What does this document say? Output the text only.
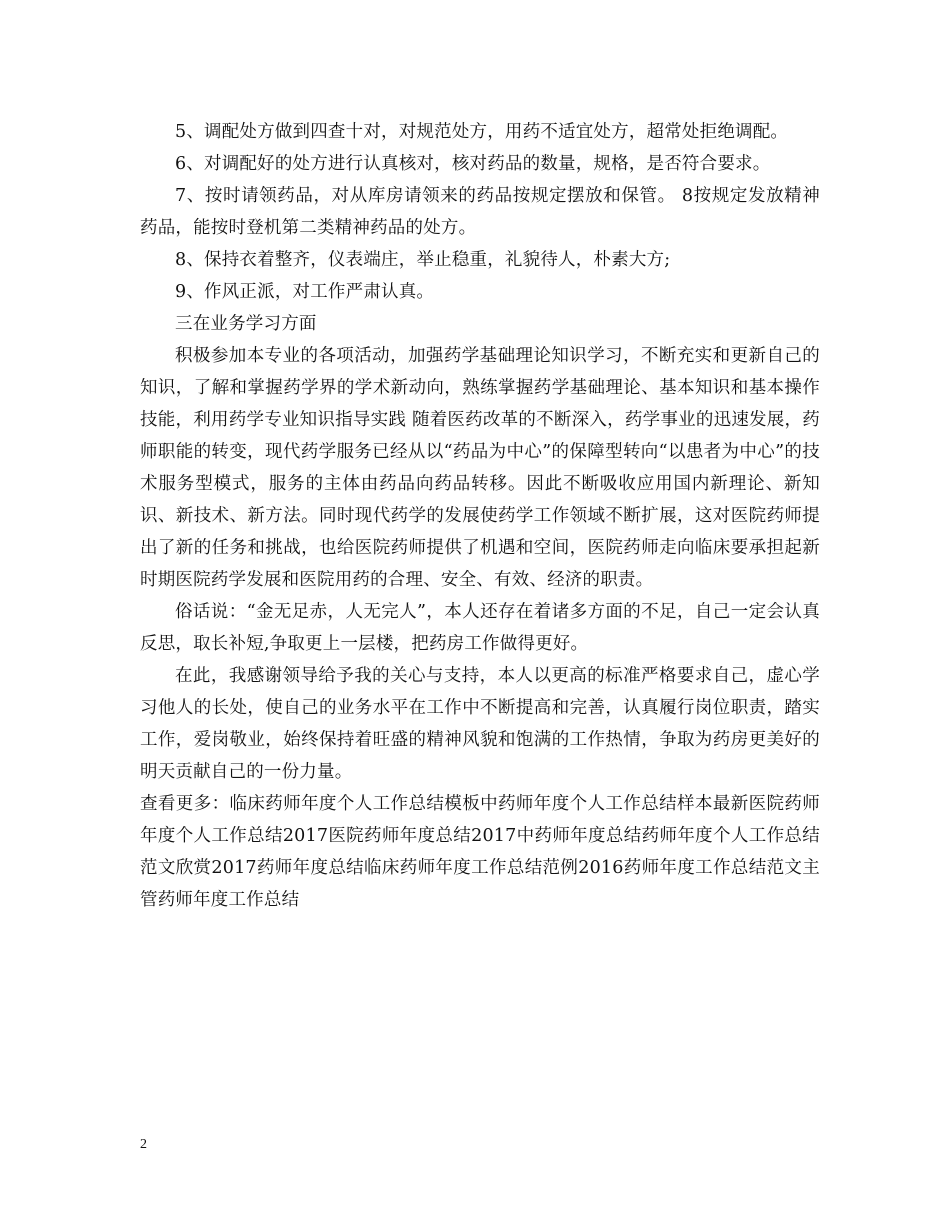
5、调配处方做到四查十对，对规范处方，用药不适宜处方，超常处拒绝调配。

6、对调配好的处方进行认真核对，核对药品的数量，规格，是否符合要求。

7、按时请领药品，对从库房请领来的药品按规定摆放和保管。 8按规定发放精神药品，能按时登机第二类精神药品的处方。

8、保持衣着整齐，仪表端庄，举止稳重，礼貌待人，朴素大方;

9、作风正派，对工作严肃认真。

三在业务学习方面

积极参加本专业的各项活动，加强药学基础理论知识学习，不断充实和更新自己的知识，了解和掌握药学界的学术新动向，熟练掌握药学基础理论、基本知识和基本操作技能，利用药学专业知识指导实践 随着医药改革的不断深入，药学事业的迅速发展，药师职能的转变，现代药学服务已经从以“药品为中心”的保障型转向“以患者为中心”的技术服务型模式，服务的主体由药品向药品转移。因此不断吸收应用国内新理论、新知识、新技术、新方法。同时现代药学的发展使药学工作领域不断扩展，这对医院药师提出了新的任务和挑战，也给医院药师提供了机遇和空间，医院药师走向临床要承担起新时期医院药学发展和医院用药的合理、安全、有效、经济的职责。

俗话说：“金无足赤，人无完人”，本人还存在着诸多方面的不足，自己一定会认真反思，取长补短,争取更上一层楼，把药房工作做得更好。

在此，我感谢领导给予我的关心与支持，本人以更高的标准严格要求自己，虚心学习他人的长处，使自己的业务水平在工作中不断提高和完善，认真履行岗位职责，踏实工作，爱岗敬业，始终保持着旺盛的精神风貌和饱满的工作热情，争取为药房更美好的明天贡献自己的一份力量。

查看更多：临床药师年度个人工作总结模板中药师年度个人工作总结样本最新医院药师年度个人工作总结2017医院药师年度总结2017中药师年度总结药师年度个人工作总结范文欣赏2017药师年度总结临床药师年度工作总结范例2016药师年度工作总结范文主管药师年度工作总结

2
